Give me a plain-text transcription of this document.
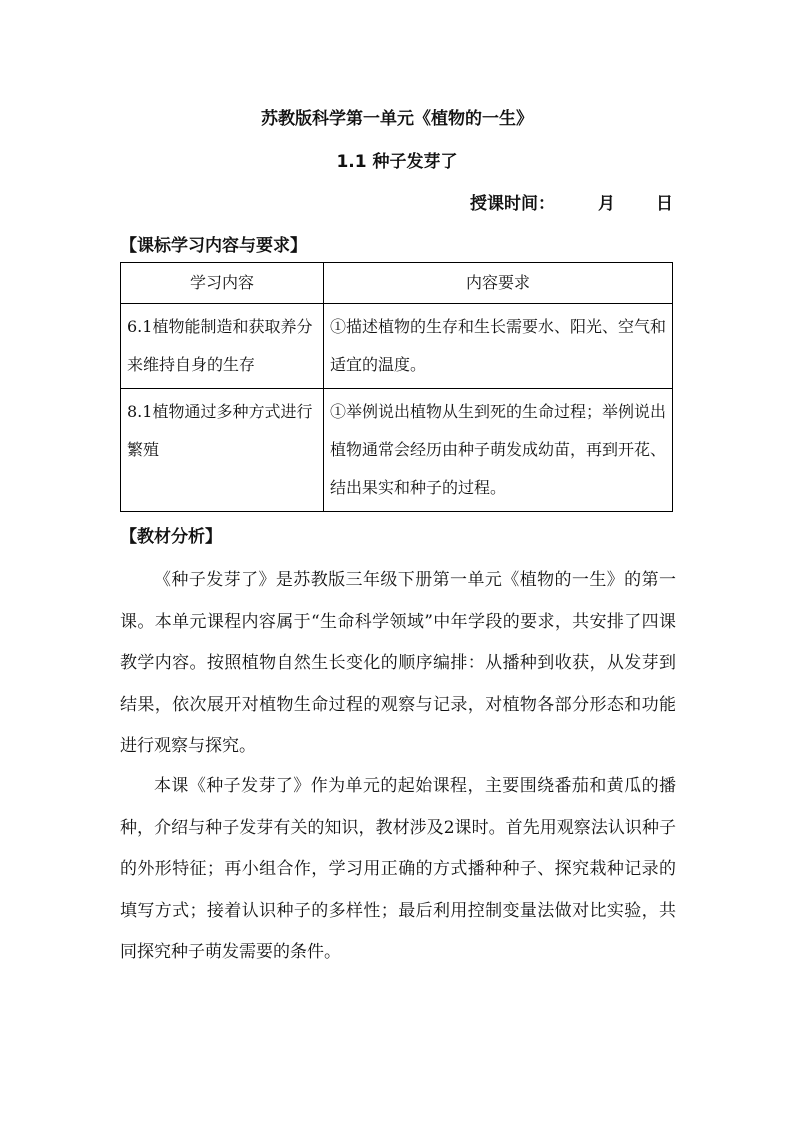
苏教版科学第一单元《植物的一生》
1.1 种子发芽了
授课时间：	月 日
【课标学习内容与要求】
学习内容	内容要求
6.1植物能制造和获取养分来维持自身的生存	①描述植物的生存和生长需要水、阳光、空气和适宜的温度。
8.1植物通过多种方式进行繁殖	①举例说出植物从生到死的生命过程；举例说出植物通常会经历由种子萌发成幼苗，再到开花、结出果实和种子的过程。
【教材分析】

《种子发芽了》是苏教版三年级下册第一单元《植物的一生》的第一课。本单元课程内容属于“生命科学领域”中年学段的要求，共安排了四课教学内容。按照植物自然生长变化的顺序编排：从播种到收获，从发芽到结果，依次展开对植物生命过程的观察与记录，对植物各部分形态和功能进行观察与探究。

本课《种子发芽了》作为单元的起始课程，主要围绕番茄和黄瓜的播种，介绍与种子发芽有关的知识，教材涉及2课时。首先用观察法认识种子的外形特征；再小组合作，学习用正确的方式播种种子、探究栽种记录的填写方式；接着认识种子的多样性；最后利用控制变量法做对比实验，共同探究种子萌发需要的条件。
